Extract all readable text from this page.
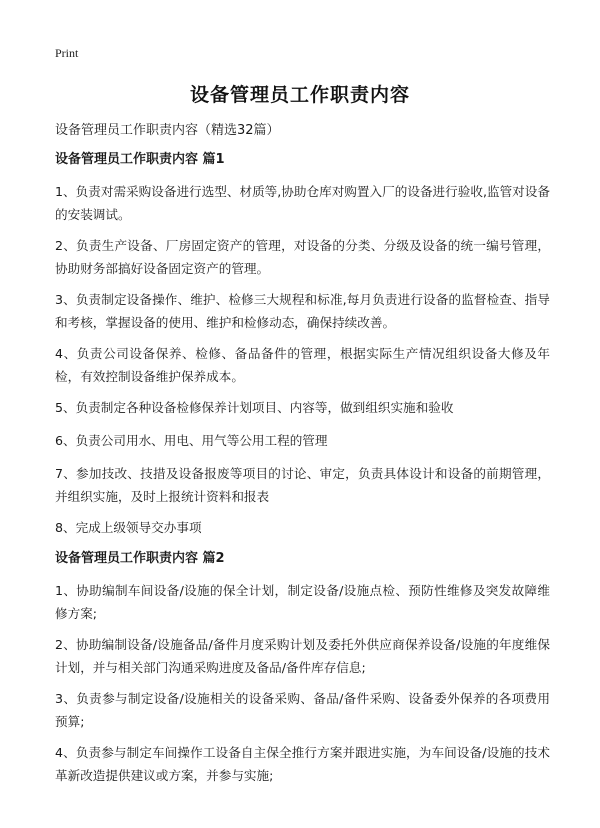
Print
设备管理员工作职责内容
设备管理员工作职责内容（精选32篇）
设备管理员工作职责内容 篇1

1、负责对需采购设备进行选型、材质等,协助仓库对购置入厂的设备进行验收,监管对设备的安装调试。

2、负责生产设备、厂房固定资产的管理，对设备的分类、分级及设备的统一编号管理，协助财务部搞好设备固定资产的管理。

3、负责制定设备操作、维护、检修三大规程和标准,每月负责进行设备的监督检查、指导和考核，掌握设备的使用、维护和检修动态，确保持续改善。

4、负责公司设备保养、检修、备品备件的管理，根据实际生产情况组织设备大修及年检，有效控制设备维护保养成本。

5、负责制定各种设备检修保养计划项目、内容等，做到组织实施和验收

6、负责公司用水、用电、用气等公用工程的管理

7、参加技改、技措及设备报废等项目的讨论、审定，负责具体设计和设备的前期管理，并组织实施，及时上报统计资料和报表

8、完成上级领导交办事项

设备管理员工作职责内容 篇2

1、协助编制车间设备/设施的保全计划，制定设备/设施点检、预防性维修及突发故障维修方案;

2、协助编制设备/设施备品/备件月度采购计划及委托外供应商保养设备/设施的年度维保计划，并与相关部门沟通采购进度及备品/备件库存信息;

3、负责参与制定设备/设施相关的设备采购、备品/备件采购、设备委外保养的各项费用预算;

4、负责参与制定车间操作工设备自主保全推行方案并跟进实施，为车间设备/设施的技术革新改造提供建议或方案，并参与实施;
